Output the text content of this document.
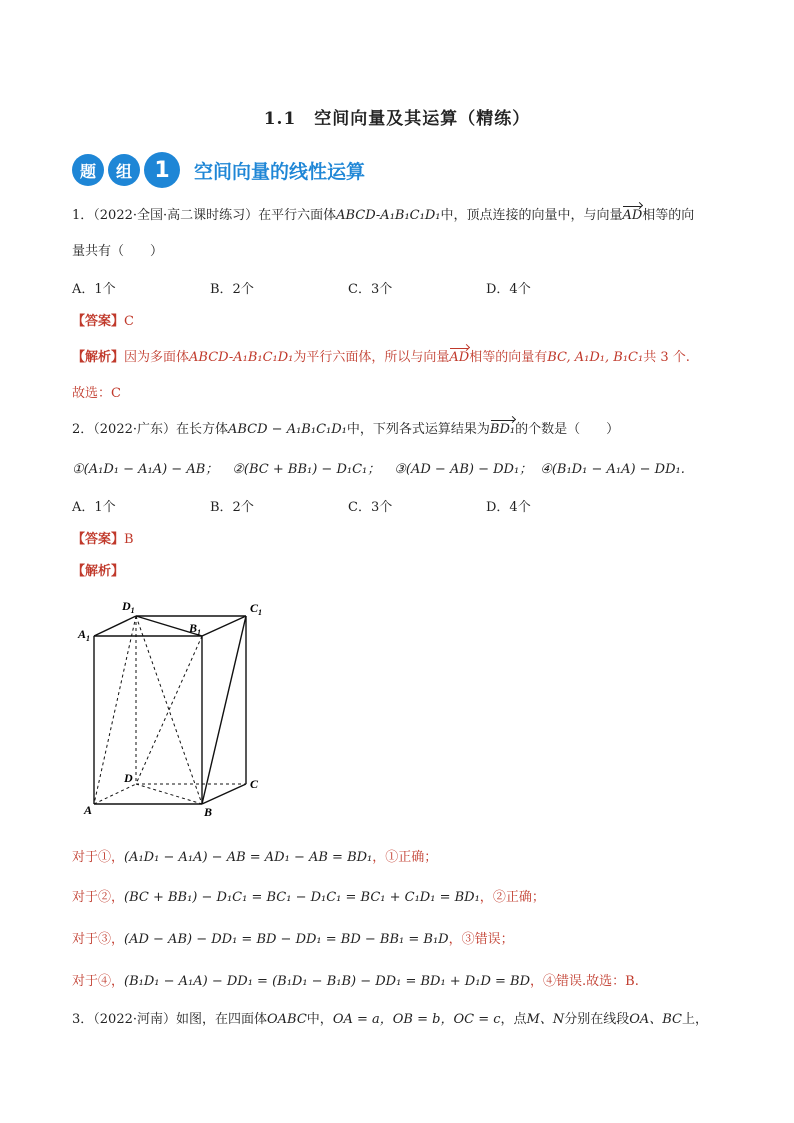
1.1 空间向量及其运算（精练）
题	组	1	空间向量的线性运算
1．（2022·全国·高二课时练习）在平行六面体ABCD-A₁B₁C₁D₁中，顶点连接的向量中，与向量AD相等的向
量共有（　　）
A．1个	B．2个	C．3个	D．4个
【答案】C
【解析】因为多面体ABCD-A₁B₁C₁D₁为平行六面体，所以与向量AD相等的向量有BC, A₁D₁, B₁C₁共 3 个.
故选：C
2．（2022·广东）在长方体ABCD − A₁B₁C₁D₁中，下列各式运算结果为BD₁的个数是（　　）
①(A₁D₁ − A₁A) − AB； ②(BC + BB₁) − D₁C₁； ③(AD − AB) − DD₁； ④(B₁D₁ − A₁A) − DD₁.
A．1个	B．2个	C．3个	D．4个
【答案】B
【解析】
$A_1$
$D_1$
$B_1$
$C_1$
D	C
A	B
对于①，(A₁D₁ − A₁A) − AB = AD₁ − AB = BD₁，①正确；
对于②，(BC + BB₁) − D₁C₁ = BC₁ − D₁C₁ = BC₁ + C₁D₁ = BD₁，②正确；
对于③，(AD − AB) − DD₁ = BD − DD₁ = BD − BB₁ = B₁D，③错误；
对于④，(B₁D₁ − A₁A) − DD₁ = (B₁D₁ − B₁B) − DD₁ = BD₁ + D₁D = BD，④错误.故选：B.
3．（2022·河南）如图，在四面体OABC中，OA = a，OB = b，OC = c，点M、N分别在线段OA、BC上，
